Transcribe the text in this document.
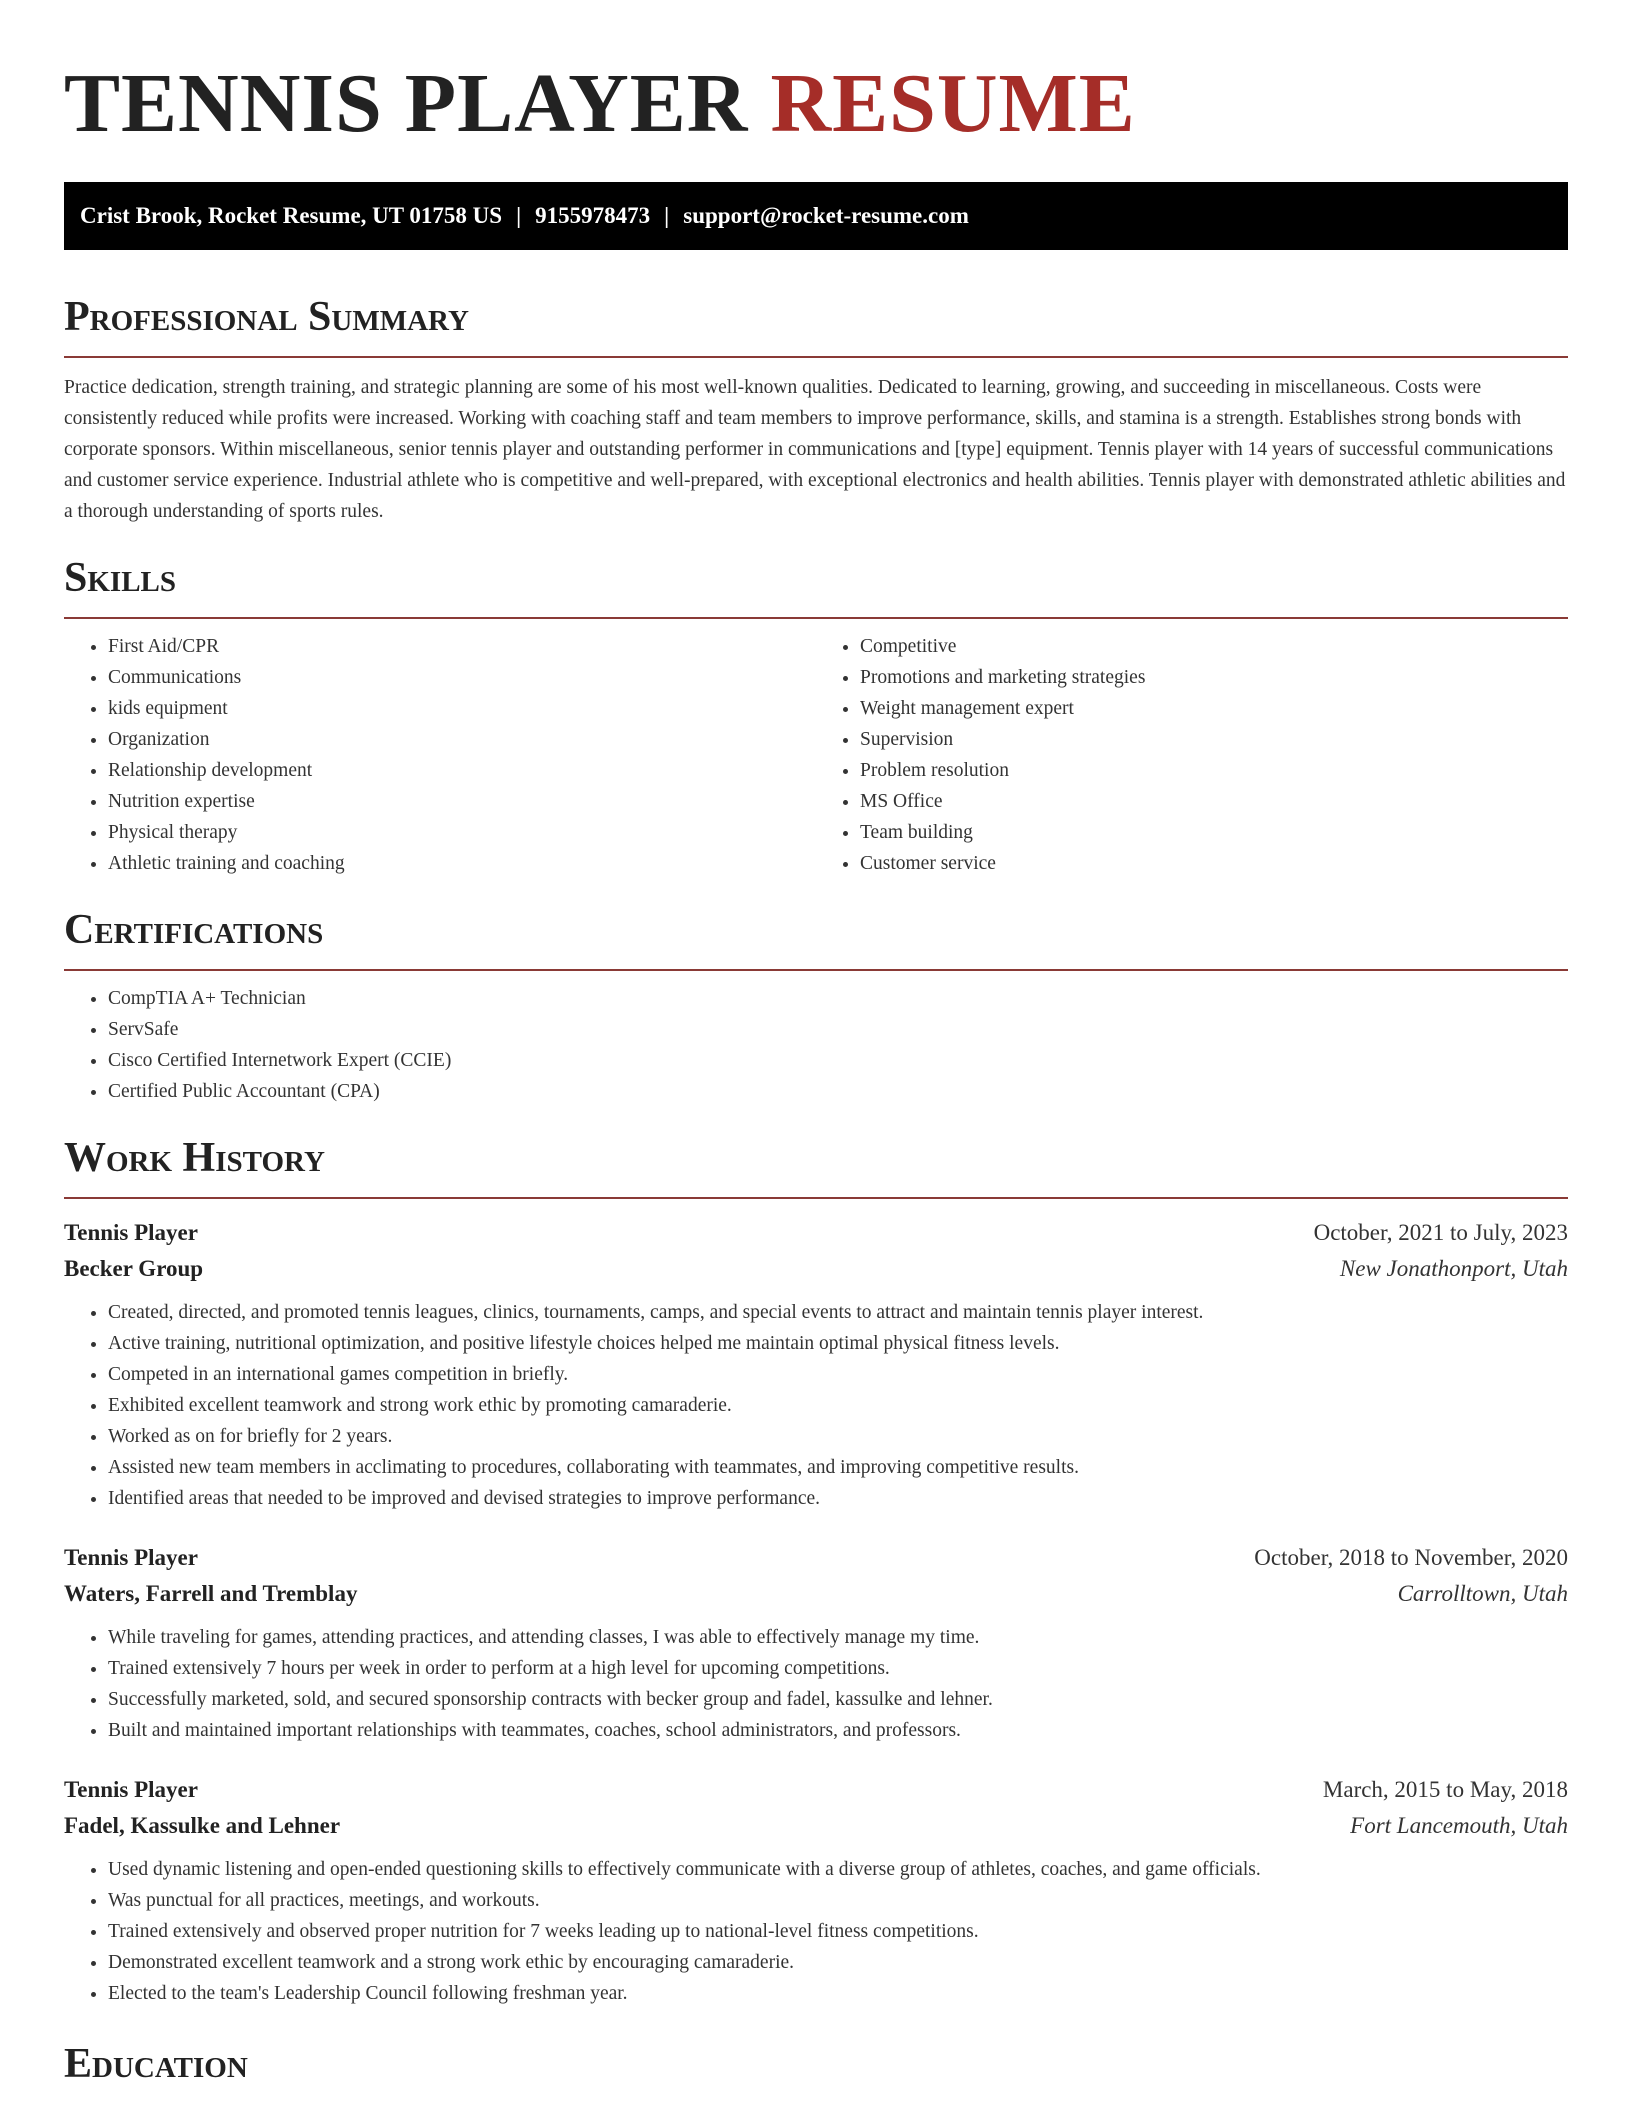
TENNIS PLAYER RESUME
Crist Brook, Rocket Resume, UT 01758 US | 9155978473 | support@rocket-resume.com
Professional Summary

Practice dedication, strength training, and strategic planning are some of his most well-known qualities. Dedicated to learning, growing, and succeeding in miscellaneous. Costs were consistently reduced while profits were increased. Working with coaching staff and team members to improve performance, skills, and stamina is a strength. Establishes strong bonds with corporate sponsors. Within miscellaneous, senior tennis player and outstanding performer in communications and [type] equipment. Tennis player with 14 years of successful communications and customer service experience. Industrial athlete who is competitive and well-prepared, with exceptional electronics and health abilities. Tennis player with demonstrated athletic abilities and a thorough understanding of sports rules.

Skills
• First Aid/CPR
• Communications
• kids equipment
• Organization
• Relationship development
• Nutrition expertise
• Physical therapy
• Athletic training and coaching
• Competitive
• Promotions and marketing strategies
• Weight management expert
• Supervision
• Problem resolution
• MS Office
• Team building
• Customer service
Certifications
• CompTIA A+ Technician
• ServSafe
• Cisco Certified Internetwork Expert (CCIE)
• Certified Public Accountant (CPA)
Work History
Tennis Player	October, 2021 to July, 2023
Becker Group	New Jonathonport, Utah
• Created, directed, and promoted tennis leagues, clinics, tournaments, camps, and special events to attract and maintain tennis player interest.
• Active training, nutritional optimization, and positive lifestyle choices helped me maintain optimal physical fitness levels.
• Competed in an international games competition in briefly.
• Exhibited excellent teamwork and strong work ethic by promoting camaraderie.
• Worked as on for briefly for 2 years.
• Assisted new team members in acclimating to procedures, collaborating with teammates, and improving competitive results.
• Identified areas that needed to be improved and devised strategies to improve performance.
Tennis Player	October, 2018 to November, 2020
Waters, Farrell and Tremblay	Carrolltown, Utah
• While traveling for games, attending practices, and attending classes, I was able to effectively manage my time.
• Trained extensively 7 hours per week in order to perform at a high level for upcoming competitions.
• Successfully marketed, sold, and secured sponsorship contracts with becker group and fadel, kassulke and lehner.
• Built and maintained important relationships with teammates, coaches, school administrators, and professors.
Tennis Player	March, 2015 to May, 2018
Fadel, Kassulke and Lehner	Fort Lancemouth, Utah
• Used dynamic listening and open-ended questioning skills to effectively communicate with a diverse group of athletes, coaches, and game officials.
• Was punctual for all practices, meetings, and workouts.
• Trained extensively and observed proper nutrition for 7 weeks leading up to national-level fitness competitions.
• Demonstrated excellent teamwork and a strong work ethic by encouraging camaraderie.
• Elected to the team's Leadership Council following freshman year.
Education
